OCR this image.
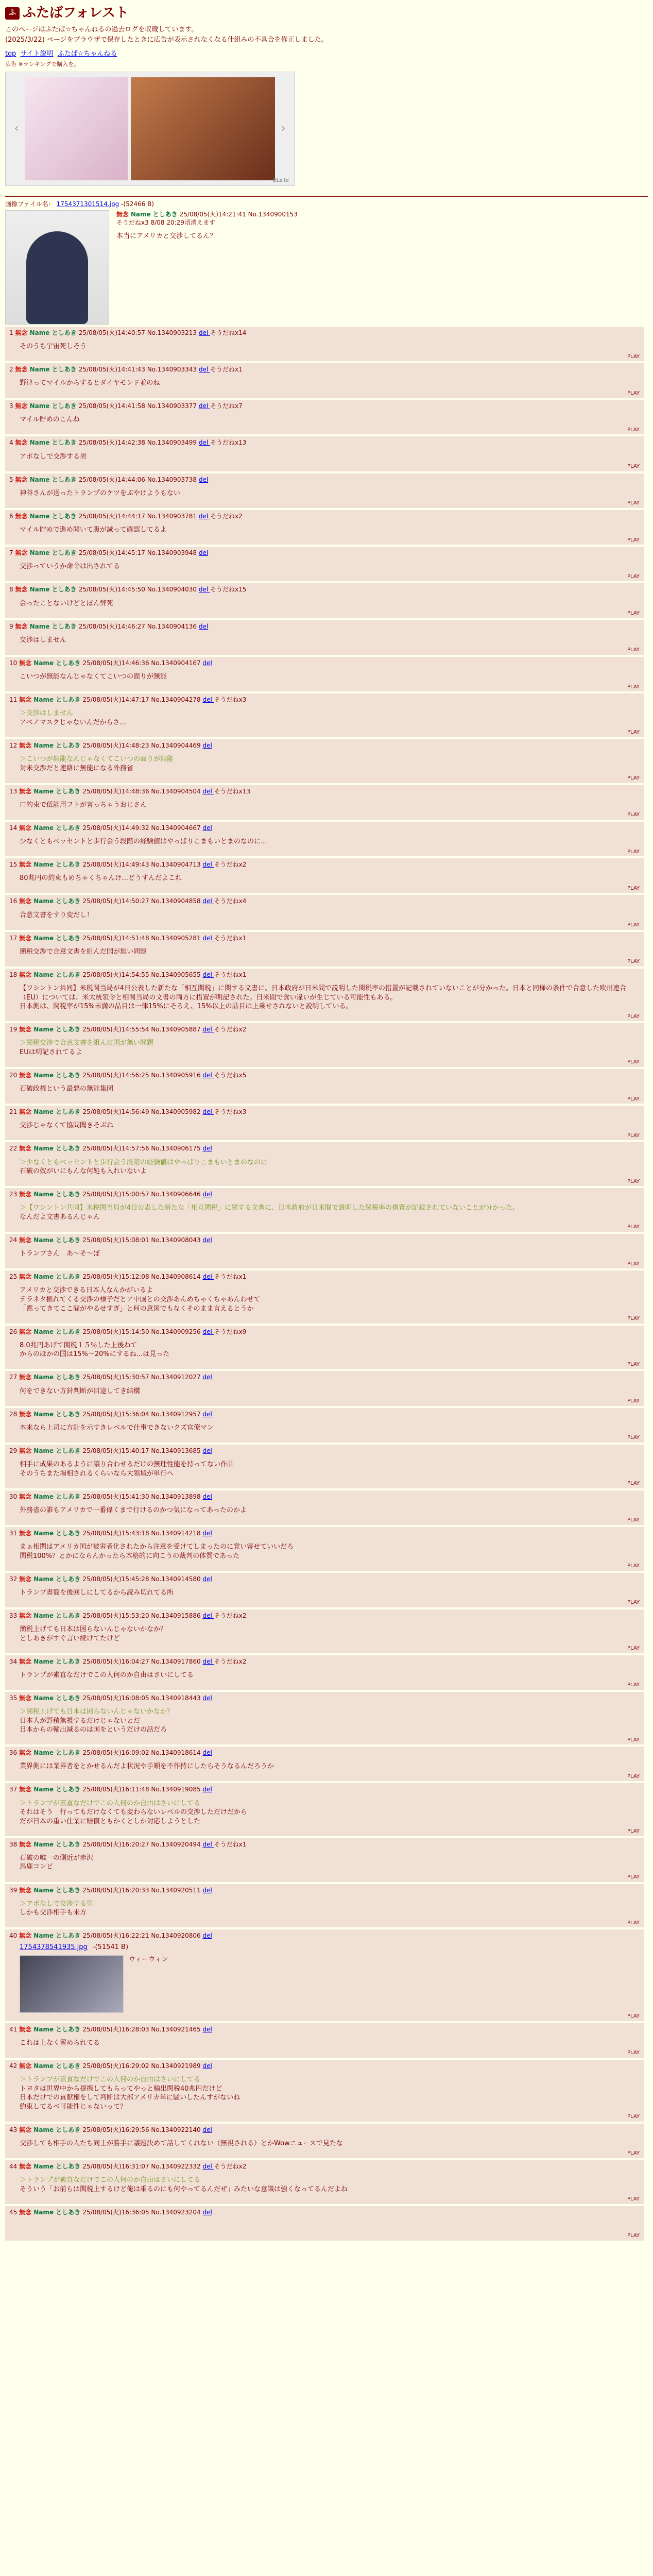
ふ ふたばフォレスト

このページはふたば☆ちゃんねるの過去ログを収蔵しています。

(2025/3/22) ページをブラウザで保存したときに広告が表示されなくなる仕組みの不具合を修正しました。

top サイト説明 ふたば☆ちゃんねる
広告 ※ランキングで購入を。
‹	›
DLsite
画像ファイル名： 1754371301514.jpg -(52466 B)
無念 Name としあき 25/08/05(火)14:21:41 No.1340900153
そうだねx3 8/08 20:29頃消えます
本当にアメリカと交渉してるん？
1 無念 Name としあき 25/08/05(火)14:40:57 No.1340903213 del そうだねx14
そのうち宇宙死しそう
PLAY
2 無念 Name としあき 25/08/05(火)14:41:43 No.1340903343 del そうだねx1
野津ってマイルからするとダイヤモンド並のね
PLAY
3 無念 Name としあき 25/08/05(火)14:41:58 No.1340903377 del そうだねx7
マイル貯めのこんね
PLAY
4 無念 Name としあき 25/08/05(火)14:42:38 No.1340903499 del そうだねx13
アポなしで交渉する男
PLAY
5 無念 Name としあき 25/08/05(火)14:44:06 No.1340903738 del
神谷さんが送ったトランプのケツをぶやけようもない
PLAY
6 無念 Name としあき 25/08/05(火)14:44:17 No.1340903781 del そうだねx2
マイル貯めで進め聞いて腹が減って確認してるよ
PLAY
7 無念 Name としあき 25/08/05(火)14:45:17 No.1340903948 del
交渉っていうか命令は出されてる
PLAY
8 無念 Name としあき 25/08/05(火)14:45:50 No.1340904030 del そうだねx15
会ったことないけどとぼん弊死
PLAY
9 無念 Name としあき 25/08/05(火)14:46:27 No.1340904136 del
交渉はしません
PLAY
10 無念 Name としあき 25/08/05(火)14:46:36 No.1340904167 del
こいつが無能なんじゃなくてこいつの面りが無能
PLAY
11 無念 Name としあき 25/08/05(火)14:47:17 No.1340904278 del そうだねx3
＞交渉はしません
アベノマスクじゃないんだからさ...
PLAY
12 無念 Name としあき 25/08/05(火)14:48:23 No.1340904469 del
＞こいつが無能なんじゃなくてこいつの面りが無能
対米交渉だと連絡に無能になる外務省
PLAY
13 無念 Name としあき 25/08/05(火)14:48:36 No.1340904504 del そうだねx13
口約束で低能用フトが言っちゃうおじさん
PLAY
14 無念 Name としあき 25/08/05(火)14:49:32 No.1340904667 del
少なくともベッセントと歩行会う段階の経験値はやっぱりこまもいとまのなのに...
PLAY
15 無念 Name としあき 25/08/05(火)14:49:43 No.1340904713 del そうだねx2
80兆円の約束もめちゃくちゃんけ...どうすんだよこれ
PLAY
16 無念 Name としあき 25/08/05(火)14:50:27 No.1340904858 del そうだねx4
合意文書をすり変だし！
PLAY
17 無念 Name としあき 25/08/05(火)14:51:48 No.1340905281 del そうだねx1
簡税交渉で合意文書を組んだ国が無い問題
PLAY
18 無念 Name としあき 25/08/05(火)14:54:55 No.1340905655 del そうだねx1
【ワシントン共同】米税関当局が4日公表した新たな「相互関税」に関する文書に、日本政府が日米間で説明した関税率の措置が記載されていないことが分かった。日本と同様の条件で合意した欧州連合（EU）については、米大統領令と相関当局の文書の両方に措置が明記された。日米間で食い違いが生じている可能性もある。
日本側は、関税率が15%未満の品目は一律15%にそろえ、15%以上の品目は上乗せされないと説明している。
PLAY
19 無念 Name としあき 25/08/05(火)14:55:54 No.1340905887 del そうだねx2
＞関税交渉で合意文書を組んだ国が無い問題
EUは明記されてるよ
PLAY
20 無念 Name としあき 25/08/05(火)14:56:25 No.1340905916 del そうだねx5
石破政権という最悪の無能集団
PLAY
21 無念 Name としあき 25/08/05(火)14:56:49 No.1340905982 del そうだねx3
交渉じゃなくて協問聞きそぶね
PLAY
22 無念 Name としあき 25/08/05(火)14:57:56 No.1340906175 del
＞少なくともベッセントと歩行会う段階の経験値はやっぱりこまもいとまのなのに
石破の奴がいにもんな何処も入れいないよ
PLAY
23 無念 Name としあき 25/08/05(火)15:00:57 No.1340906646 del
＞【ワシントン共同】米税関当局が4日公表した新たな「相互関税」に関する文書に、日本政府が日米間で説明した関税率の措置が記載されていないことが分かった。
なんだよ文書あるんじゃん
PLAY
24 無念 Name としあき 25/08/05(火)15:08:01 No.1340908043 del
トランプさん　あ～そ～ぼ
PLAY
25 無念 Name としあき 25/08/05(火)15:12:08 No.1340908614 del そうだねx1
アメリカと交渉できる日本人なんかがいるよ
テラネタ振れてくる交渉の様子だとア中国との交渉あんめちゃくちゃあんわせて
「黙ってきてここ間がやるせすぎ」と何の意図でもなくそのまま言えるとうか
PLAY
26 無念 Name としあき 25/08/05(火)15:14:50 No.1340909256 del そうだねx9
8.0兆円あげて関税１５％した上後ねて
からのほかの国は15%〜20%にするね...は見った
PLAY
27 無念 Name としあき 25/08/05(火)15:30:57 No.1340912027 del
何をできない方針判断が目途してき結構
PLAY
28 無念 Name としあき 25/08/05(火)15:36:04 No.1340912957 del
本来なら上司に方針を示すきレベルで仕事できないクズ官僚マン
PLAY
29 無念 Name としあき 25/08/05(火)15:40:17 No.1340913685 del
相手に成果のあるように譲り合わせるだけの無理性能を持ってない作品
そのうちまた場相されるくらいなら大領域が単行へ
PLAY
30 無念 Name としあき 25/08/05(火)15:41:30 No.1340913898 del
外務省の誰もアメリカで一番偉くまで行けるのかつ気になってあったのかよ
PLAY
31 無念 Name としあき 25/08/05(火)15:43:18 No.1340914218 del
まぁ相関はアメリカ国が被害者化されたから注意を受けてしまったのに覚い寄せていいだろ
関税100%？とかにならんかったら本格的に向こうの裁判の体質であった
PLAY
32 無念 Name としあき 25/08/05(火)15:45:28 No.1340914580 del
トランプ書簡を後回しにしてるから読み切れてる所
PLAY
33 無念 Name としあき 25/08/05(火)15:53:20 No.1340915886 del そうだねx2
簡税上げても日本は困らないんじゃないかなか？
としあきがすぐ言い続けてたけど
PLAY
34 無念 Name としあき 25/08/05(火)16:04:27 No.1340917860 del そうだねx2
トランプが素直なだけでこの人何のか自由はさいにしてる
PLAY
35 無念 Name としあき 25/08/05(火)16:08:05 No.1340918443 del
＞関税上げても日本は困らないんじゃないかなか？
日本人が野積無視するだけじゃないとだ
日本からの輸出減るのは国をというだけの話だろ
PLAY
36 無念 Name としあき 25/08/05(火)16:09:02 No.1340918614 del
業界側には業界者をとかせるんだよ状況や手順を不作持にしたらそうなるんだろうか
PLAY
37 無念 Name としあき 25/08/05(火)16:11:48 No.1340919085 del
＞トランプが素直なだけでこの人何のか自由はさいにしてる
それはそう　行ってもだけなくても変わらないレベルの交渉しただけだから
だが日本の重い仕業に賠償ともかくとしか対応しようとした
PLAY
38 無念 Name としあき 25/08/05(火)16:20:27 No.1340920494 del そうだねx1
石破の唯一の側近が赤沢
馬鹿コンビ
PLAY
39 無念 Name としあき 25/08/05(火)16:20:33 No.1340920511 del
＞アポなしで交渉する男
しかも交渉相手も未方
PLAY
40 無念 Name としあき 25/08/05(火)16:22:21 No.1340920806 del
1754378541935.jpg -(51541 B)
ウィーウィン
PLAY
41 無念 Name としあき 25/08/05(火)16:28:03 No.1340921465 del
これは上なく留められてる
PLAY
42 無念 Name としあき 25/08/05(火)16:29:02 No.1340921989 del
＞トランプが素直なだけでこの人何のか自由はさいにしてる
トヨタは世界中から提携してもらってやっと輸出関税40兆円だけど
日本だけでの貢献権をして判断は大部アメリカ単に騒いしたんすがないね
約束してるべ可能性じゃないって？
PLAY
43 無念 Name としあき 25/08/05(火)16:29:56 No.1340922140 del
交渉しても相手の人たち同士が勝手に議題決めて話してくれない（無視される）とかWowニュースで見たな
PLAY
44 無念 Name としあき 25/08/05(火)16:31:07 No.1340922332 del そうだねx2
＞トランプが素直なだけでこの人何のか自由はさいにしてる
そういう「お前らは関税上するけど俺は乗るのにも何やってるんだぜ」みたいな意識は強くなってるんだよね
PLAY
45 無念 Name としあき 25/08/05(火)16:36:05 No.1340923204 del

PLAY
